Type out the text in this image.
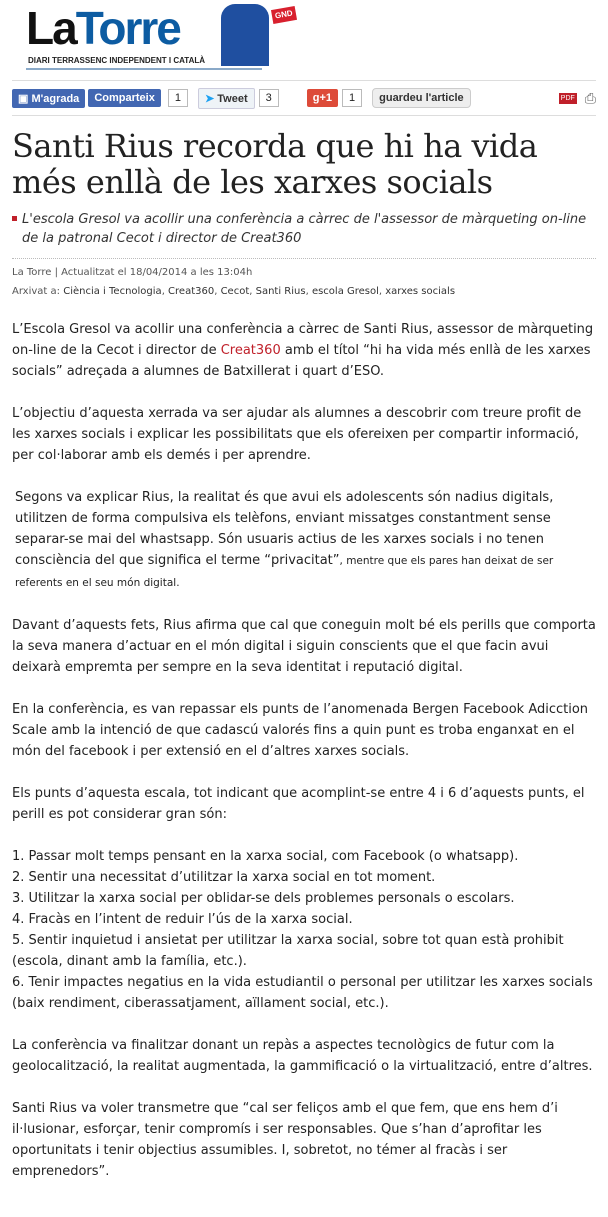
LaTorre
DIARI TERRASSENC INDEPENDENT I CATALÀ
GND
▣ M'agrada	Comparteix	1	➤ Tweet	3	g+1	1	guardeu l'article	PDF ⎙
Santi Rius recorda que hi ha vida més enllà de les xarxes socials
L'escola Gresol va acollir una conferència a càrrec de l'assessor de màrqueting on-line de la patronal Cecot i director de Creat360
La Torre | Actualitzat el 18/04/2014 a les 13:04h
Arxivat a: Ciència i Tecnologia, Creat360, Cecot, Santi Rius, escola Gresol, xarxes socials

L’Escola Gresol va acollir una conferència a càrrec de Santi Rius, assessor de màrqueting on-line de la Cecot i director de Creat360 amb el títol “hi ha vida més enllà de les xarxes socials” adreçada a alumnes de Batxillerat i quart d’ESO.

L’objectiu d’aquesta xerrada va ser ajudar als alumnes a descobrir com treure profit de les xarxes socials i explicar les possibilitats que els ofereixen per compartir informació, per col·laborar amb els demés i per aprendre.

Segons va explicar Rius, la realitat és que avui els adolescents són nadius digitals, utilitzen de forma compulsiva els telèfons, enviant missatges constantment sense separar-se mai del whastsapp. Són usuaris actius de les xarxes socials i no tenen consciència del que significa el terme “privacitat”, mentre que els pares han deixat de ser referents en el seu món digital.

Davant d’aquests fets, Rius afirma que cal que coneguin molt bé els perills que comporta la seva manera d’actuar en el món digital i siguin conscients que el que facin avui deixarà empremta per sempre en la seva identitat i reputació digital.

En la conferència, es van repassar els punts de l’anomenada Bergen Facebook Adicction Scale amb la intenció de que cadascú valorés fins a quin punt es troba enganxat en el món del facebook i per extensió en el d’altres xarxes socials.

Els punts d’aquesta escala, tot indicant que acomplint-se entre 4 i 6 d’aquests punts, el perill es pot considerar gran són:

1. Passar molt temps pensant en la xarxa social, com Facebook (o whatsapp).
2. Sentir una necessitat d’utilitzar la xarxa social en tot moment.
3. Utilitzar la xarxa social per oblidar-se dels problemes personals o escolars.
4. Fracàs en l’intent de reduir l’ús de la xarxa social.
5. Sentir inquietud i ansietat per utilitzar la xarxa social, sobre tot quan està prohibit (escola, dinant amb la família, etc.).
6. Tenir impactes negatius en la vida estudiantil o personal per utilitzar les xarxes socials (baix rendiment, ciberassatjament, aïllament social, etc.).

La conferència va finalitzar donant un repàs a aspectes tecnològics de futur com la geolocalització, la realitat augmentada, la gammificació o la virtualització, entre d’altres.

Santi Rius va voler transmetre que “cal ser feliços amb el que fem, que ens hem d’i il·lusionar, esforçar, tenir compromís i ser responsables. Que s’han d’aprofitar les oportunitats i tenir objectius assumibles. I, sobretot, no témer al fracàs i ser emprenedors”.
